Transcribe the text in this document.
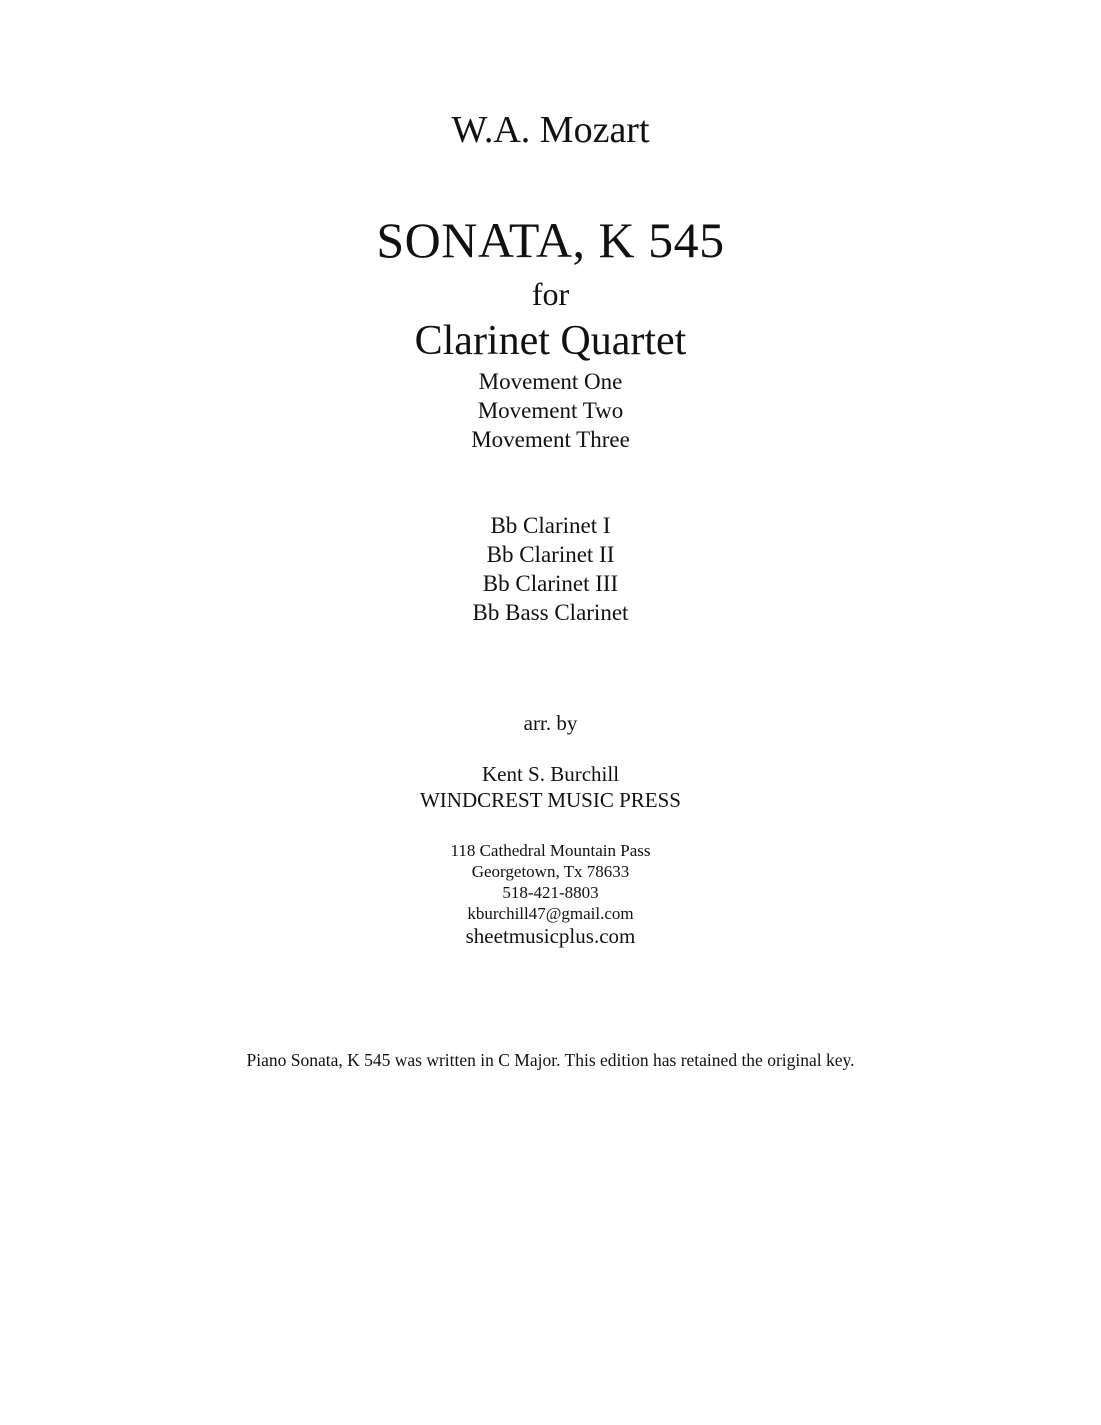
W.A. Mozart
SONATA, K 545
for
Clarinet Quartet
Movement One
Movement Two
Movement Three
Bb Clarinet I
Bb Clarinet II
Bb Clarinet III
Bb Bass Clarinet
arr. by
Kent S. Burchill
WINDCREST MUSIC PRESS
118 Cathedral Mountain Pass
Georgetown, Tx 78633
518-421-8803
kburchill47@gmail.com
sheetmusicplus.com
Piano Sonata, K 545 was written in C Major. This edition has retained the original key.
